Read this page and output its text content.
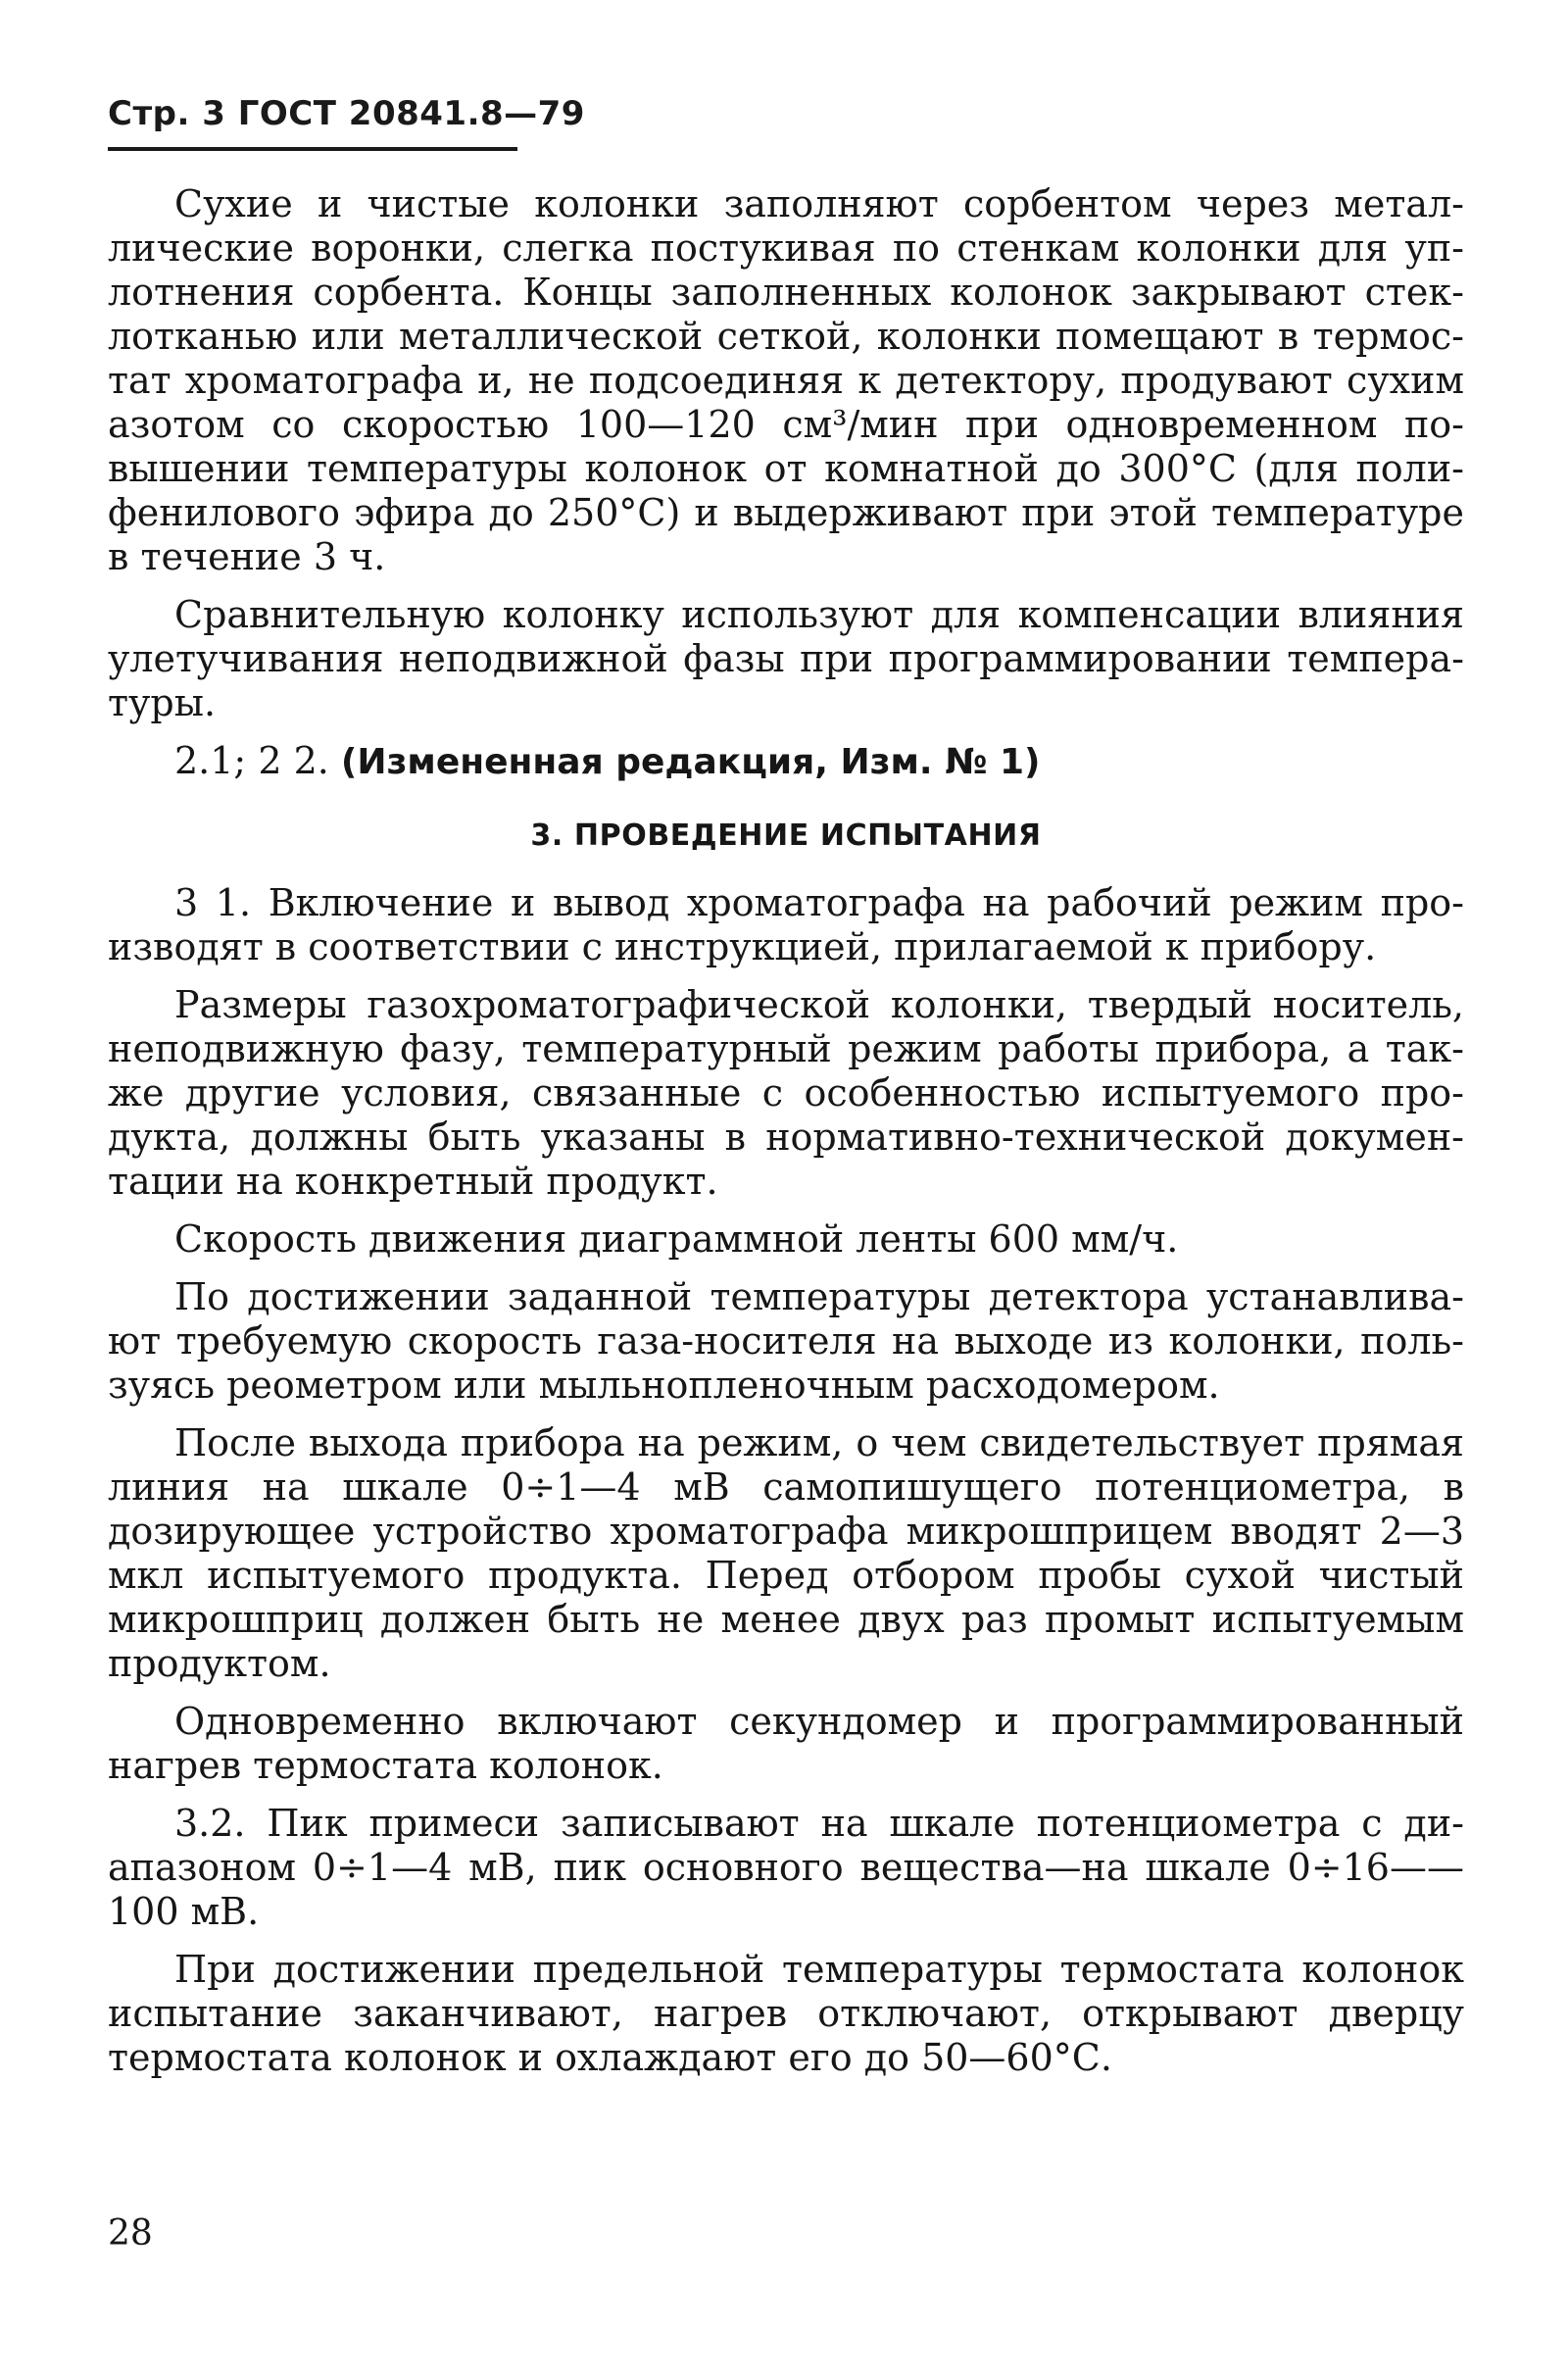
Стр. 3 ГОСТ 20841.8—79

Сухие и чистые колонки заполняют сорбентом через металлические воронки, слегка постукивая по стенкам колонки для уплотнения сорбента. Концы заполненных колонок закрывают стеклотканью или металлической сеткой, колонки помещают в термостат хроматографа и, не подсоединяя к детектору, продувают сухим азотом со скоростью 100—120 см³/мин при одновременном повышении температуры колонок от комнатной до 300°С (для полифенилового эфира до 250°С) и выдерживают при этой температуре в течение 3 ч.

Сравнительную колонку используют для компенсации влияния улетучивания неподвижной фазы при программировании температуры.

2.1; 2 2. (Измененная редакция, Изм. № 1)

3. ПРОВЕДЕНИЕ ИСПЫТАНИЯ

3 1. Включение и вывод хроматографа на рабочий режим производят в соответствии с инструкцией, прилагаемой к прибору.

Размеры газохроматографической колонки, твердый носитель, неподвижную фазу, температурный режим работы прибора, а также другие условия, связанные с особенностью испытуемого продукта, должны быть указаны в нормативно-технической документации на конкретный продукт.

Скорость движения диаграммной ленты 600 мм/ч.

По достижении заданной температуры детектора устанавливают требуемую скорость газа-носителя на выходе из колонки, пользуясь реометром или мыльнопленочным расходомером.

После выхода прибора на режим, о чем свидетельствует прямая линия на шкале 0÷1—4 мВ самопишущего потенциометра, в дозирующее устройство хроматографа микрошприцем вводят 2—3 мкл испытуемого продукта. Перед отбором пробы сухой чистый микрошприц должен быть не менее двух раз промыт испытуемым продуктом.

Одновременно включают секундомер и программированный нагрев термостата колонок.

3.2. Пик примеси записывают на шкале потенциометра с диапазоном 0÷1—4 мВ, пик основного вещества—на шкале 0÷16——100 мВ.

При достижении предельной температуры термостата колонок испытание заканчивают, нагрев отключают, открывают дверцу термостата колонок и охлаждают его до 50—60°С.

28
